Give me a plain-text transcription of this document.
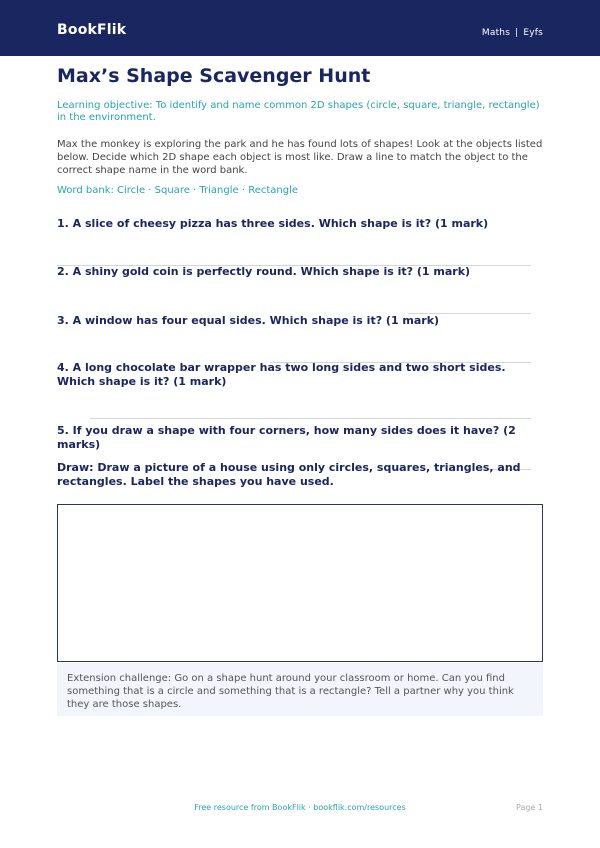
BookFlik	Maths | Eyfs
Max’s Shape Scavenger Hunt
Learning objective: To identify and name common 2D shapes (circle, square, triangle, rectangle) in the environment.
Max the monkey is exploring the park and he has found lots of shapes! Look at the objects listed below. Decide which 2D shape each object is most like. Draw a line to match the object to the correct shape name in the word bank.
Word bank: Circle · Square · Triangle · Rectangle
1. A slice of cheesy pizza has three sides. Which shape is it? (1 mark)
2. A shiny gold coin is perfectly round. Which shape is it? (1 mark)
3. A window has four equal sides. Which shape is it? (1 mark)
4. A long chocolate bar wrapper has two long sides and two short sides. Which shape is it? (1 mark)
5. If you draw a shape with four corners, how many sides does it have? (2 marks)
Draw: Draw a picture of a house using only circles, squares, triangles, and rectangles. Label the shapes you have used.
Extension challenge: Go on a shape hunt around your classroom or home. Can you find something that is a circle and something that is a rectangle? Tell a partner why you think they are those shapes.
Free resource from BookFlik · bookflik.com/resources	Page 1
